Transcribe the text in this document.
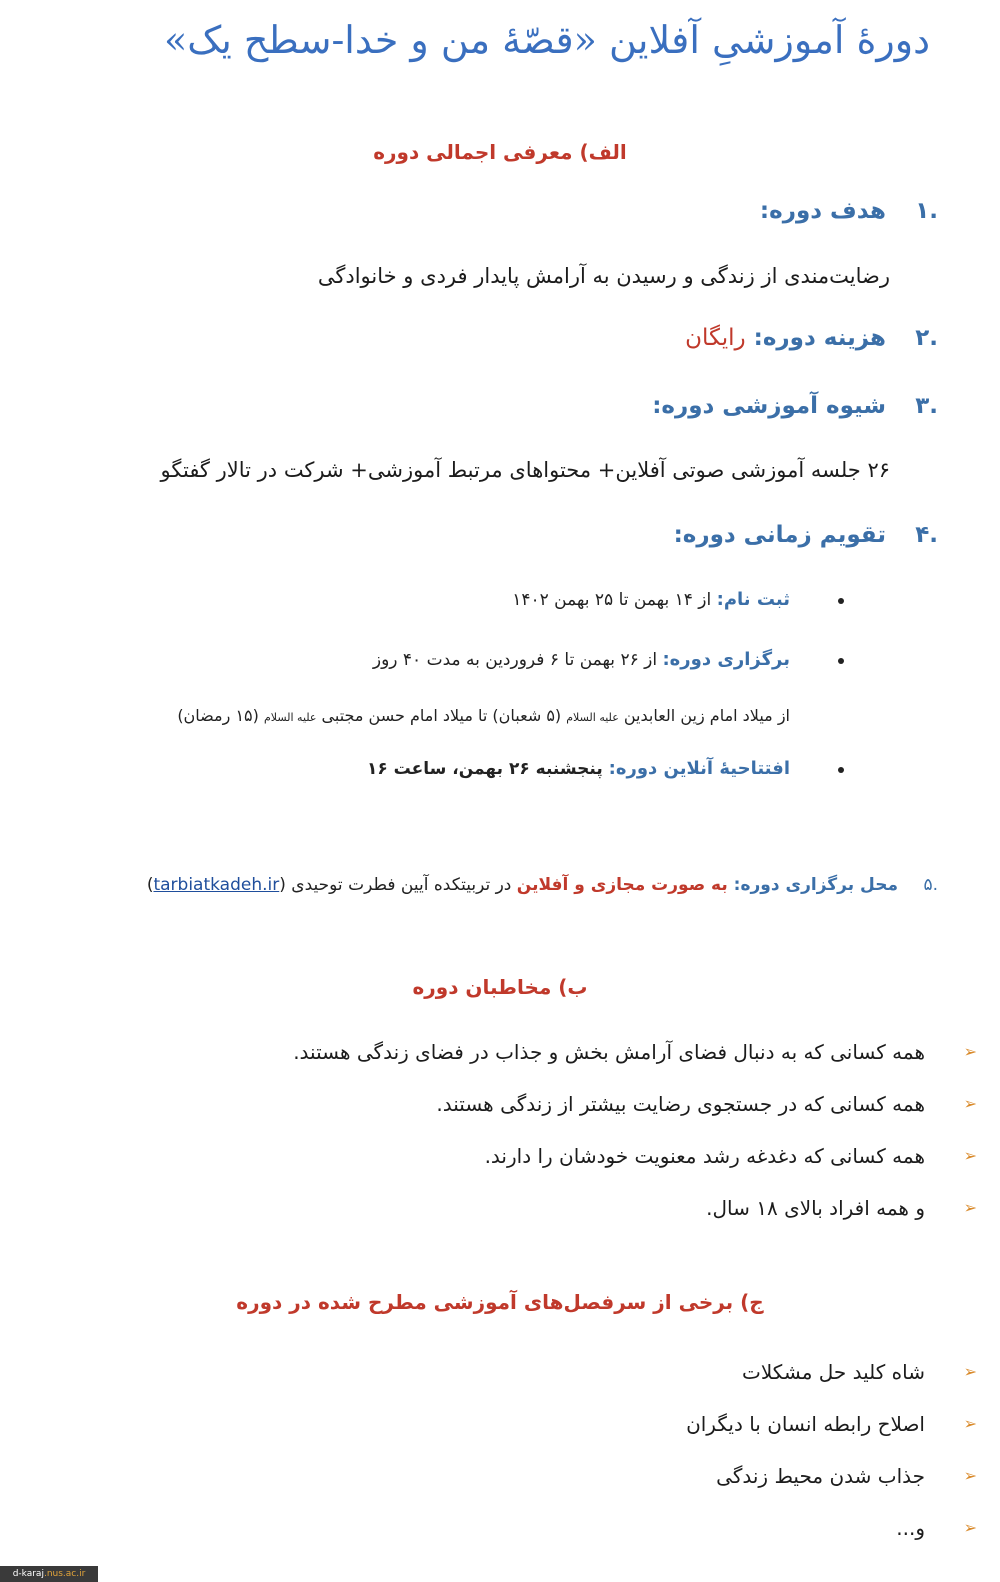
دورۀ آموزشیِ آفلاین «قصّۀ من و خدا-سطح یک»
الف) معرفی اجمالی دوره
.۱هدف دوره:
رضایت‌مندی از زندگی و رسیدن به آرامش پایدار فردی و خانوادگی
.۲هزینه دوره: رایگان
.۳شیوه آموزشی دوره:
۲۶ جلسه آموزشی صوتی آفلاین+ محتواهای مرتبط آموزشی+ شرکت در تالار گفتگو
.۴تقویم زمانی دوره:
ثبت نام: از ۱۴ بهمن تا ۲۵ بهمن ۱۴۰۲
برگزاری دوره: از ۲۶ بهمن تا ۶ فروردین به مدت ۴۰ روز
از میلاد امام زین العابدین علیه السلام (۵ شعبان) تا میلاد امام حسن مجتبی علیه السلام (۱۵ رمضان)
افتتاحیۀ آنلاین دوره: پنجشنبه ۲۶ بهمن، ساعت ۱۶
.۵محل برگزاری دوره: به صورت مجازی و آفلاین در تربیتکده آیین فطرت توحیدی (tarbiatkadeh.ir)
ب) مخاطبان دوره
➢
همه کسانی که به دنبال فضای آرامش بخش و جذاب در فضای زندگی هستند.
➢
همه کسانی که در جستجوی رضایت بیشتر از زندگی هستند.
➢
همه کسانی که دغدغه رشد معنویت خودشان را دارند.
➢
و همه افراد بالای ۱۸ سال.
ج) برخی از سرفصل‌های آموزشی مطرح شده در دوره
➢
شاه کلید حل مشکلات
➢
اصلاح رابطه انسان با دیگران
➢
جذاب شدن محیط زندگی
➢
و...
d-karaj.nus.ac.ir
